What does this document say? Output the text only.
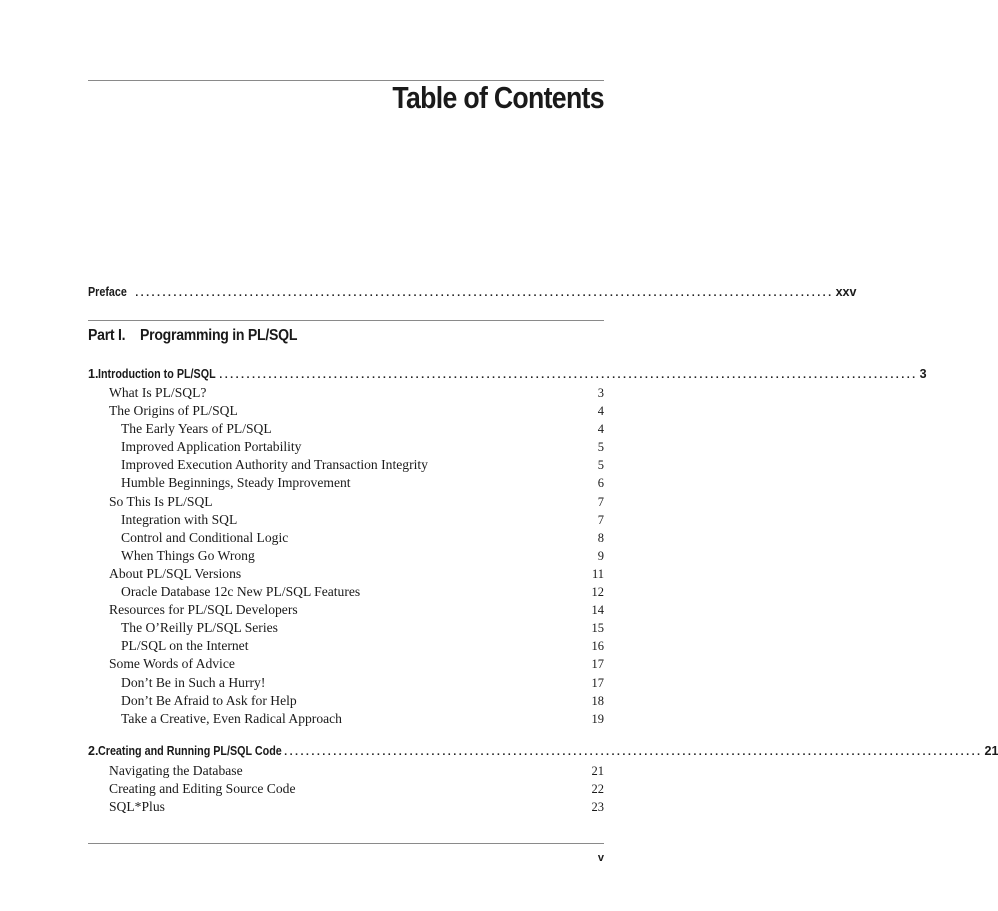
Table of Contents
Preface ................................................................................................................................ xxv
Part I. Programming in PL/SQL
1. Introduction to PL/SQL ................................................................................................................................ 3
What Is PL/SQL?	3
The Origins of PL/SQL	4
The Early Years of PL/SQL	4
Improved Application Portability	5
Improved Execution Authority and Transaction Integrity	5
Humble Beginnings, Steady Improvement	6
So This Is PL/SQL	7
Integration with SQL	7
Control and Conditional Logic	8
When Things Go Wrong	9
About PL/SQL Versions	11
Oracle Database 12c New PL/SQL Features	12
Resources for PL/SQL Developers	14
The O’Reilly PL/SQL Series	15
PL/SQL on the Internet	16
Some Words of Advice	17
Don’t Be in Such a Hurry!	17
Don’t Be Afraid to Ask for Help	18
Take a Creative, Even Radical Approach	19
2. Creating and Running PL/SQL Code ................................................................................................................................ 21
Navigating the Database	21
Creating and Editing Source Code	22
SQL*Plus	23
v
